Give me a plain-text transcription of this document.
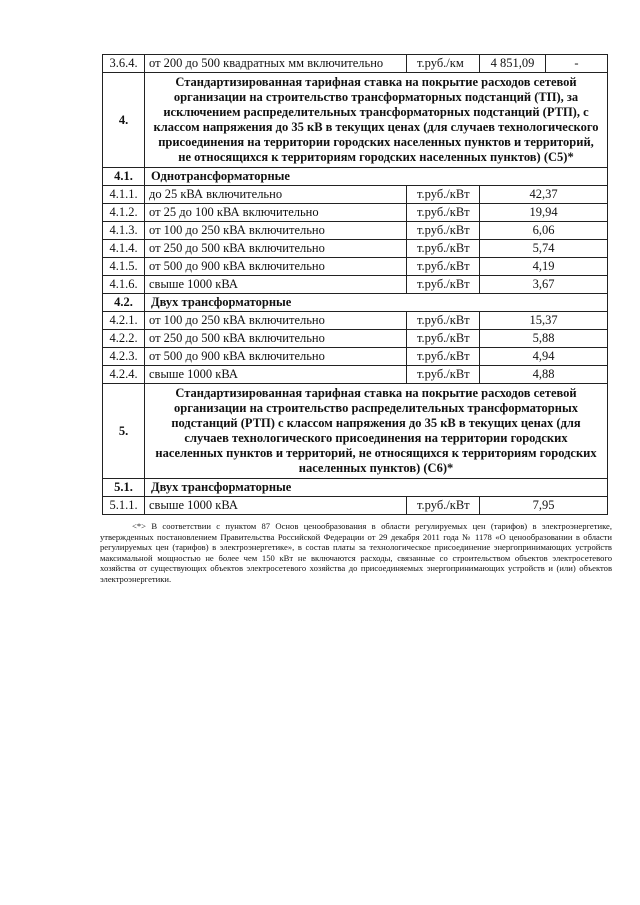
3.6.4.	от 200 до 500 квадратных мм включительно	т.руб./км	4 851,09	-
4.	Стандартизированная тарифная ставка на покрытие расходов сетевой организации на строительство трансформаторных подстанций (ТП), за исключением распределительных трансформаторных подстанций (РТП), с классом напряжения до 35 кВ в текущих ценах (для случаев технологического присоединения на территории городских населенных пунктов и территорий, не относящихся к территориям городских населенных пунктов) (С5)*			
4.1.	Однотрансформаторные			
4.1.1.	до 25 кВА включительно	т.руб./кВт	42,37	
4.1.2.	от 25 до 100 кВА включительно	т.руб./кВт	19,94	
4.1.3.	от 100 до 250 кВА включительно	т.руб./кВт	6,06	
4.1.4.	от 250 до 500 кВА включительно	т.руб./кВт	5,74	
4.1.5.	от 500 до 900 кВА включительно	т.руб./кВт	4,19	
4.1.6.	свыше 1000 кВА	т.руб./кВт	3,67	
4.2.	Двух трансформаторные			
4.2.1.	от 100 до 250 кВА включительно	т.руб./кВт	15,37	
4.2.2.	от 250 до 500 кВА включительно	т.руб./кВт	5,88	
4.2.3.	от 500 до 900 кВА включительно	т.руб./кВт	4,94	
4.2.4.	свыше 1000 кВА	т.руб./кВт	4,88	
5.	Стандартизированная тарифная ставка на покрытие расходов сетевой организации на строительство распределительных трансформаторных подстанций (РТП) с классом напряжения до 35 кВ в текущих ценах (для случаев технологического присоединения на территории городских населенных пунктов и территорий, не относящихся к территориям городских населенных пунктов) (С6)*			
5.1.	Двух трансформаторные			
5.1.1.	свыше 1000 кВА	т.руб./кВт	7,95	
<*> В соответствии с пунктом 87 Основ ценообразования в области регулируемых цен (тарифов) в электроэнергетике, утвержденных постановлением Правительства Российской Федерации от 29 декабря 2011 года № 1178 «О ценообразовании в области регулируемых цен (тарифов) в электроэнергетике», в состав платы за технологическое присоединение энергопринимающих устройств максимальной мощностью не более чем 150 кВт не включаются расходы, связанные со строительством объектов электросетевого хозяйства от существующих объектов электросетевого хозяйства до присоединяемых энергопринимающих устройств и (или) объектов электроэнергетики.
